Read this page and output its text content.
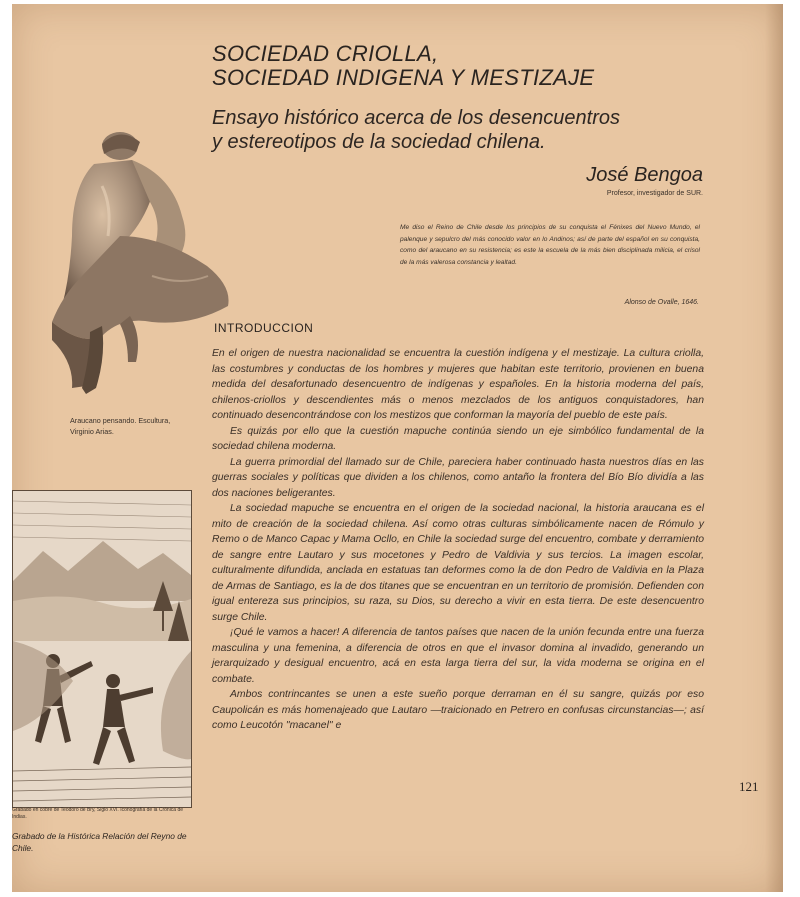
SOCIEDAD CRIOLLA,
SOCIEDAD INDIGENA Y MESTIZAJE
Ensayo histórico acerca de los desencuentros
y estereotipos de la sociedad chilena.
José Bengoa
Profesor, investigador de SUR.

Me diso el Reino de Chile desde los principios de su conquista el Fénixes del Nuevo Mundo, el palenque y sepulcro del más conocido valor en lo Andinos; así de parte del español en su conquista, como del araucano en su resistencia; es este la escuela de la más bien disciplinada milicia, el crisol de la más valerosa constancia y lealtad.

Alonso de Ovalle, 1646.
INTRODUCCION

En el origen de nuestra nacionalidad se encuentra la cuestión indígena y el mestizaje. La cultura criolla, las costumbres y conductas de los hombres y mujeres que habitan este territorio, provienen en buena medida del desafortunado desencuentro de indígenas y españoles. En la historia moderna del país, chilenos-criollos y descendientes más o menos mezclados de los antiguos conquistadores, han continuado desencontrándose con los mestizos que conforman la mayoría del pueblo de este país.

Es quizás por ello que la cuestión mapuche continúa siendo un eje simbólico fundamental de la sociedad chilena moderna.

La guerra primordial del llamado sur de Chile, pareciera haber continuado hasta nuestros días en las guerras sociales y políticas que dividen a los chilenos, como antaño la frontera del Bío Bío dividía a las dos naciones beligerantes.

La sociedad mapuche se encuentra en el origen de la sociedad nacional, la historia araucana es el mito de creación de la sociedad chilena. Así como otras culturas simbólicamente nacen de Rómulo y Remo o de Manco Capac y Mama Ocllo, en Chile la sociedad surge del encuentro, combate y derramiento de sangre entre Lautaro y sus mocetones y Pedro de Valdivia y sus tercios. La imagen escolar, culturalmente difundida, anclada en estatuas tan deformes como la de don Pedro de Valdivia en la Plaza de Armas de Santiago, es la de dos titanes que se encuentran en un territorio de promisión. Defienden con igual entereza sus principios, su raza, su Dios, su derecho a vivir en esta tierra. De este desencuentro surge Chile.

¡Qué le vamos a hacer! A diferencia de tantos países que nacen de la unión fecunda entre una fuerza masculina y una femenina, a diferencia de otros en que el invasor domina al invadido, generando un jerarquizado y desigual encuentro, acá en esta larga tierra del sur, la vida moderna se origina en el combate.

Ambos contrincantes se unen a este sueño porque derraman en él su sangre, quizás por eso Caupolicán es más homenajeado que Lautaro —traicionado en Petrero en confusas circunstancias—; así como Leucotón "macanel" e

121
Araucano pensando. Escultura, Virginio Arias.
Grabado en cobre de Teodoro de Bry, Siglo XVI. Iconografía de la Crónica de Indias.
Grabado de la Histórica Relación del Reyno de Chile.
